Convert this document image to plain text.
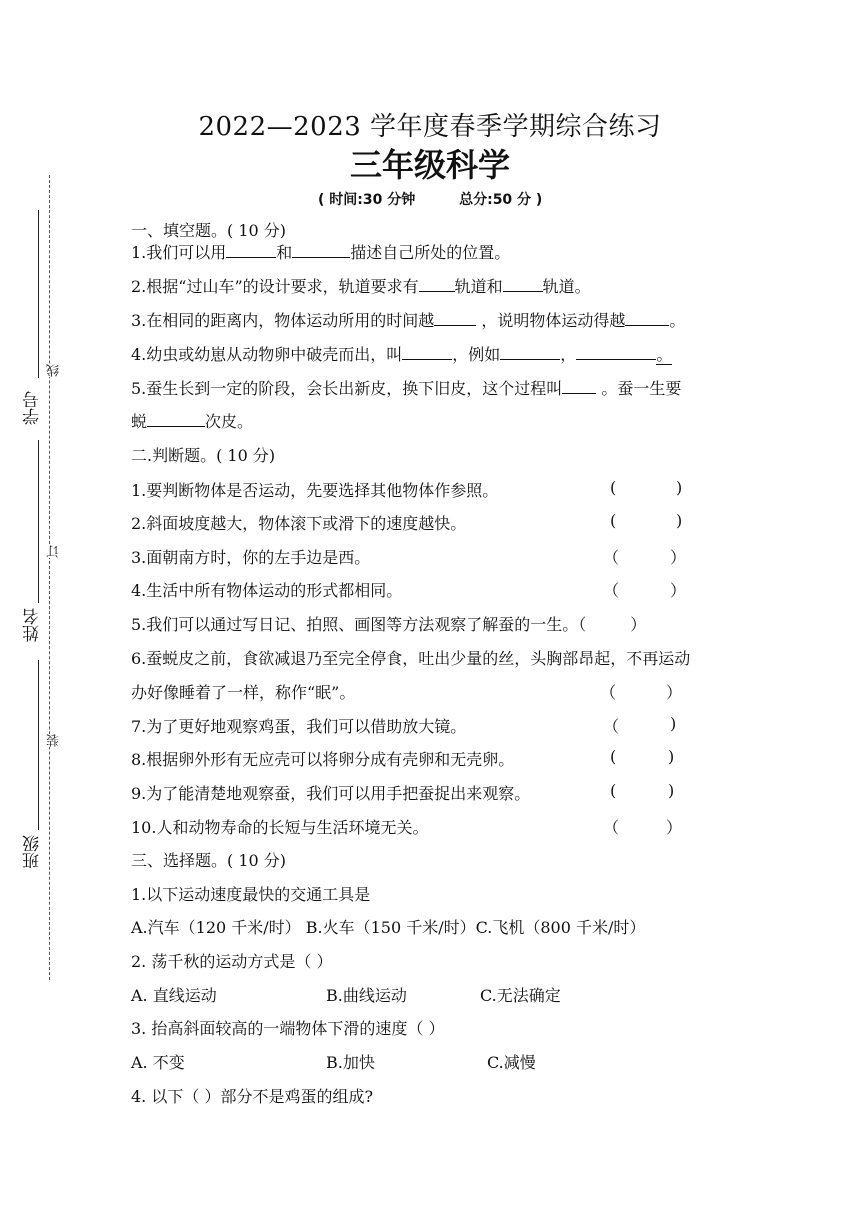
学号
姓名
班级
线
订
装
2022—2023 学年度春季学期综合练习
三年级科学
( 时间:30 分钟         总分:50 分 )
一、填空题。( 10 分)
1.我们可以用	和	描述自己所处的位置。
2.根据“过山车”的设计要求，轨道要求有 轨道和	轨道。
3.在相同的距离内，物体运动所用的时间越	，说明物体运动得越	。
4.幼虫或幼崽从动物卵中破壳而出，叫	，例如	，	。
5.蚕生长到一定的阶段，会长出新皮，换下旧皮，这个过程叫 。蚕一生要
蜕	次皮。
二.判断题。( 10 分)
1.要判断物体是否运动，先要选择其他物体作参照。	(	)
2.斜面坡度越大，物体滚下或滑下的速度越快。	(	)
3.面朝南方时，你的左手边是西。	（	）
4.生活中所有物体运动的形式都相同。	（	）
5.我们可以通过写日记、拍照、画图等方法观察了解蚕的一生。（	）
6.蚕蜕皮之前，食欲减退乃至完全停食，吐出少量的丝，头胸部昂起，不再运动
办好像睡着了一样，称作“眠”。	（	）
7.为了更好地观察鸡蛋，我们可以借助放大镜。	（	)
8.根据卵外形有无应壳可以将卵分成有壳卵和无壳卵。	(	)
9.为了能清楚地观察蚕，我们可以用手把蚕捉出来观察。	(	)
10.人和动物寿命的长短与生活环境无关。	（	）
三、选择题。( 10 分)
1.以下运动速度最快的交通工具是
A.汽车（120 千米/时） B.火车（150 千米/时）C.飞机（800 千米/时）
2. 荡千秋的运动方式是（ ）
A. 直线运动	B.曲线运动	C.无法确定
3. 抬高斜面较高的一端物体下滑的速度（ ）
A. 不变	B.加快	C.减慢
4. 以下（ ）部分不是鸡蛋的组成?
